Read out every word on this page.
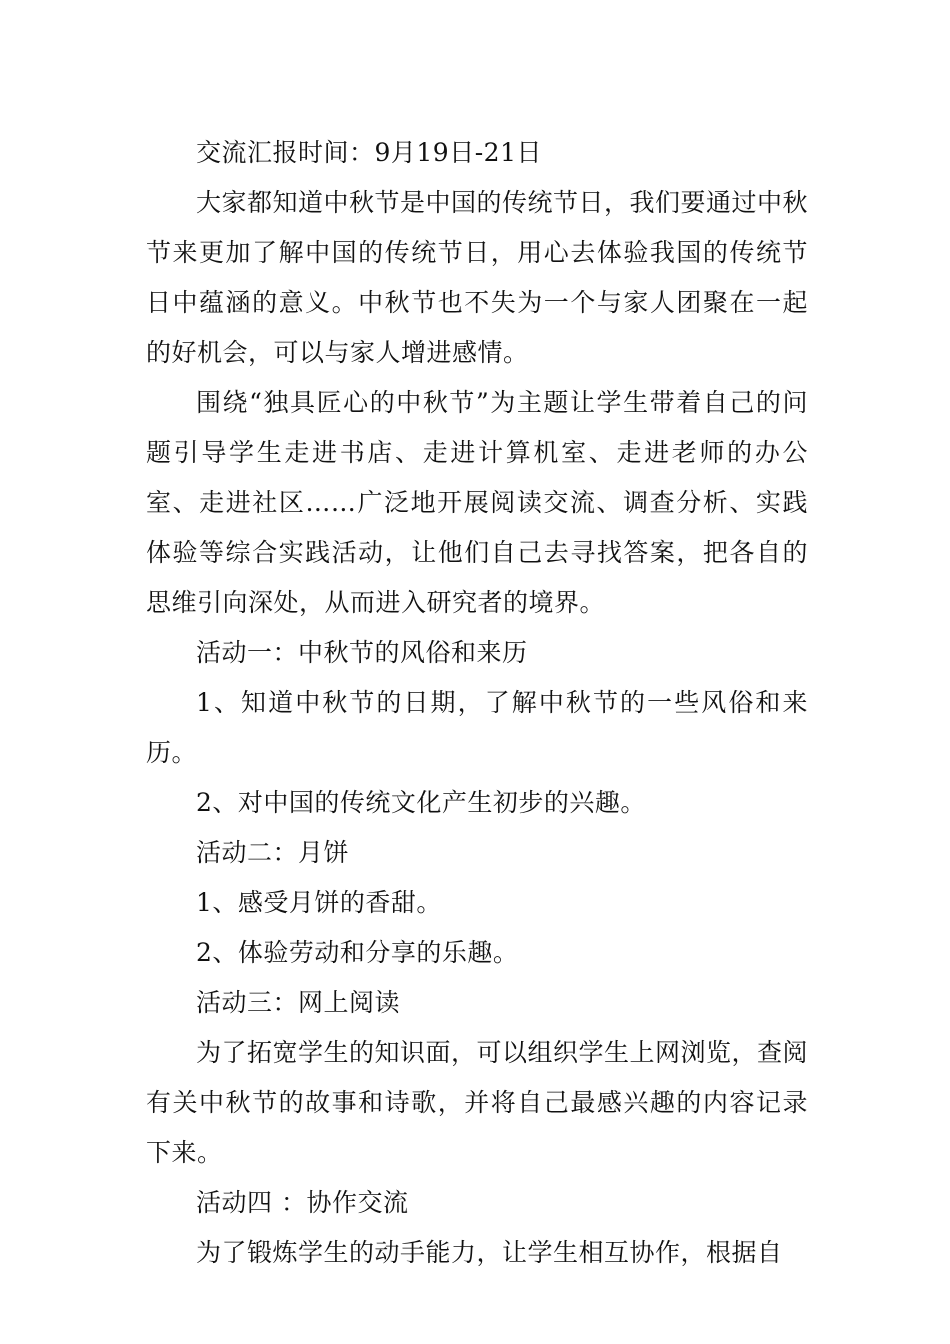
交流汇报时间：9月19日-21日

大家都知道中秋节是中国的传统节日，我们要通过中秋节来更加了解中国的传统节日，用心去体验我国的传统节日中蕴涵的意义。中秋节也不失为一个与家人团聚在一起的好机会，可以与家人增进感情。

围绕“独具匠心的中秋节”为主题让学生带着自己的问题引导学生走进书店、走进计算机室、走进老师的办公室、走进社区……广泛地开展阅读交流、调查分析、实践体验等综合实践活动，让他们自己去寻找答案，把各自的思维引向深处，从而进入研究者的境界。

活动一：中秋节的风俗和来历

1、知道中秋节的日期，了解中秋节的一些风俗和来历。

2、对中国的传统文化产生初步的兴趣。

活动二：月饼

1、感受月饼的香甜。

2、体验劳动和分享的乐趣。

活动三：网上阅读

为了拓宽学生的知识面，可以组织学生上网浏览，查阅有关中秋节的故事和诗歌，并将自己最感兴趣的内容记录下来。

活动四 ：协作交流

为了锻炼学生的动手能力，让学生相互协作，根据自
